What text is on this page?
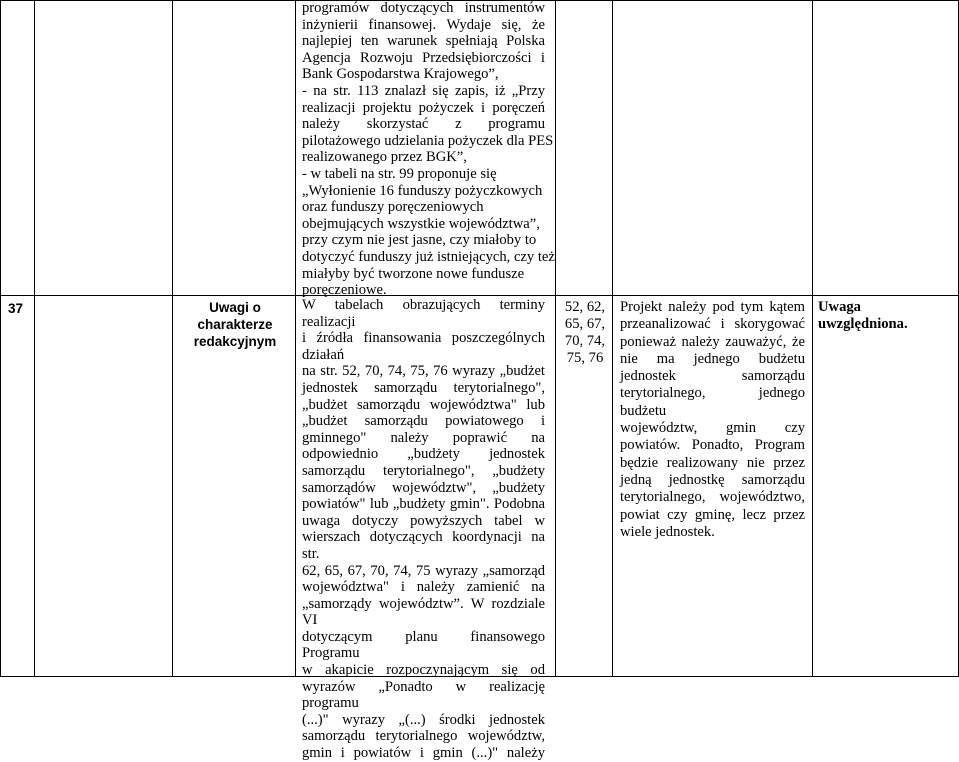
37	Uwagi o
charakterze
redakcyjnym
programów dotyczących instrumentów
inżynierii finansowej. Wydaje się, że
najlepiej ten warunek spełniają Polska
Agencja Rozwoju Przedsiębiorczości i
Bank Gospodarstwa Krajowego”,
- na str. 113 znalazł się zapis, iż „Przy
realizacji projektu pożyczek i poręczeń
należy skorzystać z programu
pilotażowego udzielania pożyczek dla PES
realizowanego przez BGK”,
- w tabeli na str. 99 proponuje się
„Wyłonienie 16 funduszy pożyczkowych
oraz funduszy poręczeniowych
obejmujących wszystkie województwa”,
przy czym nie jest jasne, czy miałoby to
dotyczyć funduszy już istniejących, czy też
miałyby być tworzone nowe fundusze
poręczeniowe.
W tabelach obrazujących terminy realizacji
i źródła finansowania poszczególnych
działań
na str. 52, 70, 74, 75, 76 wyrazy „budżet
jednostek samorządu terytorialnego",
„budżet samorządu województwa" lub
„budżet samorządu powiatowego i
gminnego" należy poprawić na
odpowiednio „budżety jednostek
samorządu terytorialnego", „budżety
samorządów województw", „budżety
powiatów" lub „budżety gmin". Podobna
uwaga dotyczy powyższych tabel w
wierszach dotyczących koordynacji na str.
62, 65, 67, 70, 74, 75 wyrazy „samorząd
województwa" i należy zamienić na
„samorządy województw”. W rozdziale VI
dotyczącym planu finansowego Programu
w akapicie rozpoczynającym się od
wyrazów „Ponadto w realizację programu
(...)" wyrazy „(...) środki jednostek
samorządu terytorialnego województw,
gmin i powiatów i gmin (...)" należy
52, 62,
65, 67,
70, 74,
75, 76
Projekt należy pod tym kątem
przeanalizować i skorygować
ponieważ należy zauważyć, że
nie ma jednego budżetu
jednostek samorządu
terytorialnego, jednego budżetu
województw, gmin czy
powiatów. Ponadto, Program
będzie realizowany nie przez
jedną jednostkę samorządu
terytorialnego, województwo,
powiat czy gminę, lecz przez
wiele jednostek.
Uwaga
uwzględniona.
